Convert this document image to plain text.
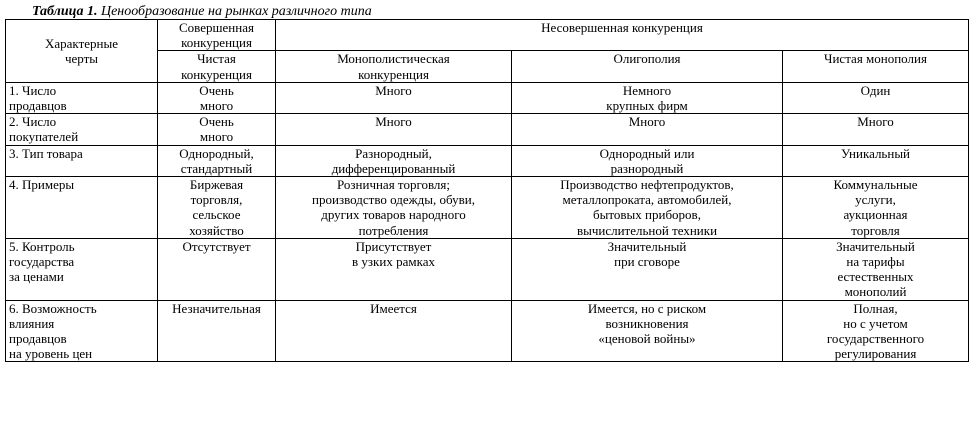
Таблица 1. Ценообразование на рынках различного типа
Характерные
черты	Совершенная
конкуренция	Несовершенная конкуренция		
	Чистая
конкуренция	Монополистическая
конкуренция	Олигополия	Чистая монополия
1. Число
продавцов	Очень
много	Много	Немного
крупных фирм	Один
2. Число
покупателей	Очень
много	Много	Много	Много
3. Тип товара	Однородный,
стандартный	Разнородный,
дифференцированный	Однородный или
разнородный	Уникальный
4. Примеры	Биржевая
торговля,
сельское
хозяйство	Розничная торговля;
производство одежды, обуви,
других товаров народного
потребления	Производство нефтепродуктов,
металлопроката, автомобилей,
бытовых приборов,
вычислительной техники	Коммунальные
услуги,
аукционная
торговля
5. Контроль
государства
за ценами	Отсутствует	Присутствует
в узких рамках	Значительный
при сговоре	Значительный
на тарифы
естественных
монополий
6. Возможность
влияния
продавцов
на уровень цен	Незначительная	Имеется	Имеется, но с риском
возникновения
«ценовой войны»	Полная,
но с учетом
государственного
регулирования
